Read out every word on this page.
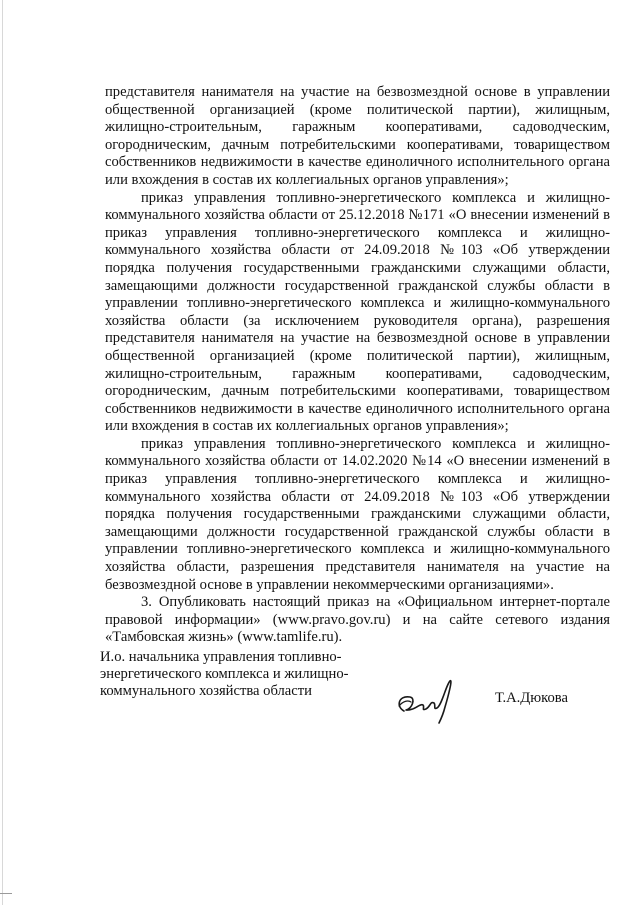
представителя нанимателя на участие на безвозмездной основе в управлении общественной организацией (кроме политической партии), жилищным, жилищно-строительным, гаражным кооперативами, садоводческим, огородническим, дачным потребительскими кооперативами, товариществом собственников недвижимости в качестве единоличного исполнительного органа или вхождения в состав их коллегиальных органов управления»;

приказ управления топливно-энергетического комплекса и жилищно-коммунального хозяйства области от 25.12.2018 №171 «О внесении изменений в приказ управления топливно-энергетического комплекса и жилищно-коммунального хозяйства области от 24.09.2018 №103 «Об утверждении порядка получения государственными гражданскими служащими области, замещающими должности государственной гражданской службы области в управлении топливно-энергетического комплекса и жилищно-коммунального хозяйства области (за исключением руководителя органа), разрешения представителя нанимателя на участие на безвозмездной основе в управлении общественной организацией (кроме политической партии), жилищным, жилищно-строительным, гаражным кооперативами, садоводческим, огородническим, дачным потребительскими кооперативами, товариществом собственников недвижимости в качестве единоличного исполнительного органа или вхождения в состав их коллегиальных органов управления»;

приказ управления топливно-энергетического комплекса и жилищно-коммунального хозяйства области от 14.02.2020 №14 «О внесении изменений в приказ управления топливно-энергетического комплекса и жилищно-коммунального хозяйства области от 24.09.2018 №103 «Об утверждении порядка получения государственными гражданскими служащими области, замещающими должности государственной гражданской службы области в управлении топливно-энергетического комплекса и жилищно-коммунального хозяйства области, разрешения представителя нанимателя на участие на безвозмездной основе в управлении некоммерческими организациями».

3. Опубликовать настоящий приказ на «Официальном интернет-портале правовой информации» (www.pravo.gov.ru) и на сайте сетевого издания «Тамбовская жизнь» (www.tamlife.ru).

И.о. начальника управления топливно-
энергетического комплекса и жилищно-
коммунального хозяйства области	Т.А.Дюкова
